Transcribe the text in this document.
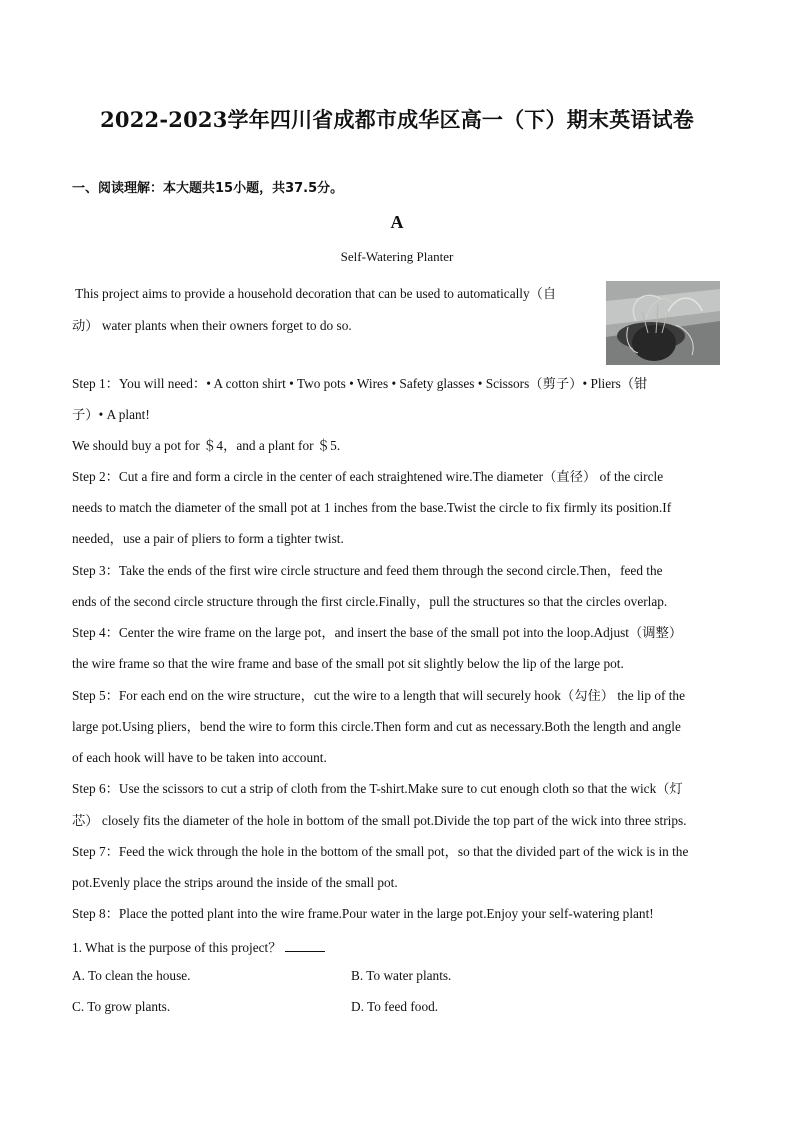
2022-2023学年四川省成都市成华区高一（下）期末英语试卷
一、阅读理解：本大题共15小题，共37.5分。
A
Self-Watering Planter
This project aims to provide a household decoration that can be used to automatically（自
动） water plants when their owners forget to do so.
Step 1：You will need：• A cotton shirt • Two pots • Wires • Safety glasses • Scissors（剪子）• Pliers（钳
子）• A plant!
We should buy a pot for ＄4，and a plant for ＄5.
Step 2：Cut a fire and form a circle in the center of each straightened wire.The diameter（直径） of the circle
needs to match the diameter of the small pot at 1 inches from the base.Twist the circle to fix firmly its position.If
needed，use a pair of pliers to form a tighter twist.
Step 3：Take the ends of the first wire circle structure and feed them through the second circle.Then，feed the
ends of the second circle structure through the first circle.Finally，pull the structures so that the circles overlap.
Step 4：Center the wire frame on the large pot，and insert the base of the small pot into the loop.Adjust（调整）
the wire frame so that the wire frame and base of the small pot sit slightly below the lip of the large pot.
Step 5：For each end on the wire structure，cut the wire to a length that will securely hook（勾住） the lip of the
large pot.Using pliers，bend the wire to form this circle.Then form and cut as necessary.Both the length and angle
of each hook will have to be taken into account.
Step 6：Use the scissors to cut a strip of cloth from the T-shirt.Make sure to cut enough cloth so that the wick（灯
芯） closely fits the diameter of the hole in bottom of the small pot.Divide the top part of the wick into three strips.
Step 7：Feed the wick through the hole in the bottom of the small pot，so that the divided part of the wick is in the
pot.Evenly place the strips around the inside of the small pot.
Step 8：Place the potted plant into the wire frame.Pour water in the large pot.Enjoy your self-watering plant!
1. What is the purpose of this project？
A. To clean the house.	B. To water plants.
C. To grow plants.	D. To feed food.
